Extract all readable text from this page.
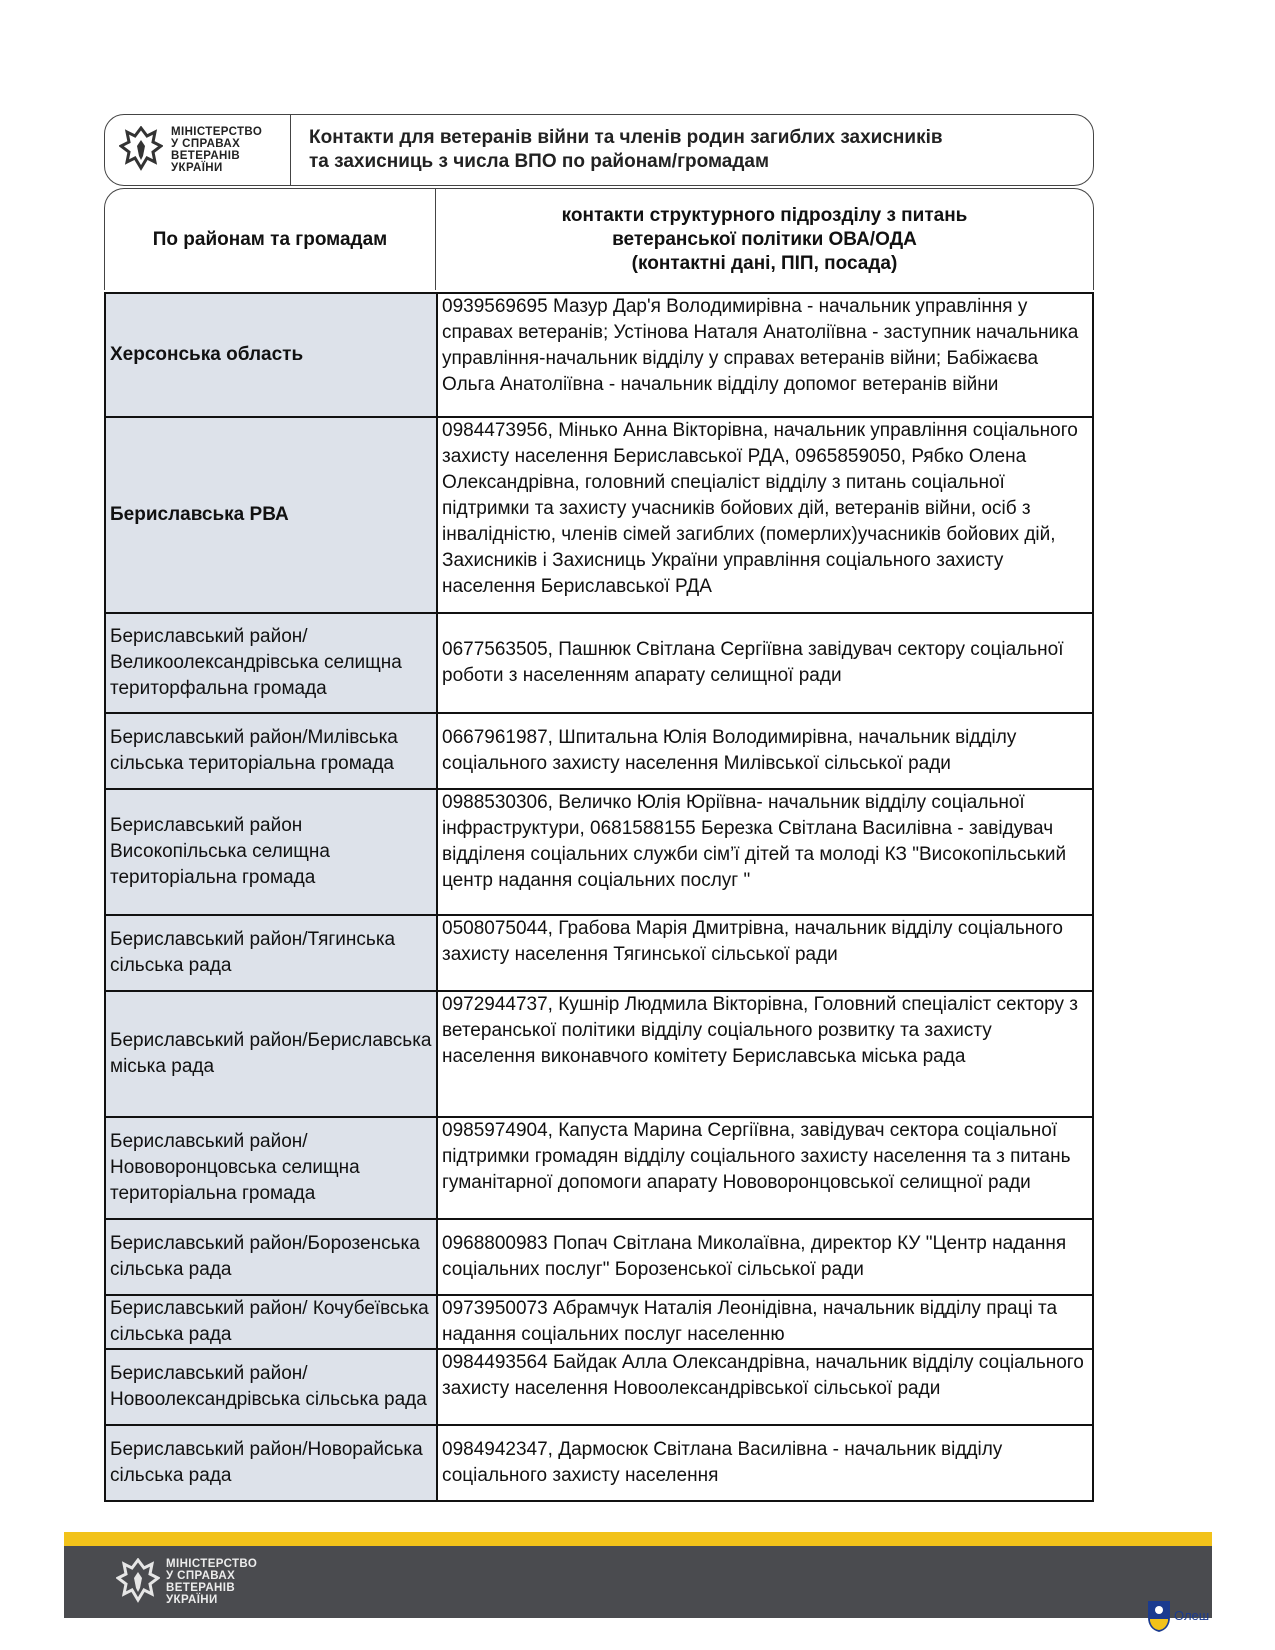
МІНІСТЕРСТВО
У СПРАВАХ
ВЕТЕРАНІВ
УКРАЇНИ
Контакти для ветеранів війни та членів родин загиблих захисників
та захисниць з числа ВПО по районам/громадам
По районам та громадам
контакти структурного підрозділу з питань
ветеранської політики ОВА/ОДА
(контактні дані, ПІП, посада)
Херсонська область	0939569695 Мазур Дар'я Володимирівна - начальник управління у справах ветеранів; Устінова Наталя Анатоліївна - заступник начальника управління-начальник відділу у справах ветеранів війни; Бабіжаєва Ольга Анатоліївна - начальник відділу допомог ветеранів війни
Бериславська РВА	0984473956, Мінько Анна Вікторівна, начальник управління соціального захисту населення Бериславської РДА, 0965859050, Рябко Олена Олександрівна, головний спеціаліст відділу з питань соціальної підтримки та захисту учасників бойових дій, ветеранів війни, осіб з інвалідністю, членів сімей загиблих (померлих)учасників бойових дій, Захисників і Захисниць України управління соціального захисту населення Бериславської РДА
Бериславський район/Великоолександрівська селищна територфальна громада	0677563505, Пашнюк Світлана Сергіївна завідувач сектору соціальної роботи з населенням апарату селищної ради
Бериславський район/Милівська сільська територіальна громада	0667961987, Шпитальна Юлія Володимирівна, начальник відділу соціального захисту населення Милівської сільської ради
Бериславський район Високопільська селищна територіальна громада	0988530306, Величко Юлія Юріївна- начальник відділу соціальної інфраструктури, 0681588155 Березка Світлана Василівна - завідувач відділеня соціальних служби сім’ї дітей та молоді КЗ "Високопільський центр надання соціальних послуг "
Бериславський район/Тягинська сільська рада	0508075044, Грабова Марія Дмитрівна, начальник відділу соціального захисту населення Тягинської сільської ради
Бериславський район/Бериславська міська рада	0972944737, Кушнір Людмила Вікторівна, Головний спеціаліст сектору з ветеранської політики відділу соціального розвитку та захисту населення виконавчого комітету Бериславська міська рада
Бериславський район/Нововоронцовська селищна територіальна громада	0985974904, Капуста Марина Сергіївна, завідувач сектора соціальної підтримки громадян відділу соціального захисту населення та з питань гуманітарної допомоги апарату Нововоронцовської селищної ради
Бериславський район/Борозенська сільська рада	0968800983 Попач Світлана Миколаївна, директор КУ "Центр надання соціальних послуг" Борозенської сільської ради
Бериславський район/ Кочубеївська сільська рада	0973950073 Абрамчук Наталія Леонідівна, начальник відділу праці та надання соціальних послуг населенню
Бериславський район/ Новоолександрівська сільська рада	0984493564 Байдак Алла Олександрівна, начальник відділу соціального захисту населення Новоолександрівської сільської ради
Бериславський район/Новорайська сільська рада	0984942347, Дармосюк Світлана Василівна - начальник відділу соціального захисту населення
МІНІСТЕРСТВО
У СПРАВАХ
ВЕТЕРАНІВ
УКРАЇНИ
Олеш
